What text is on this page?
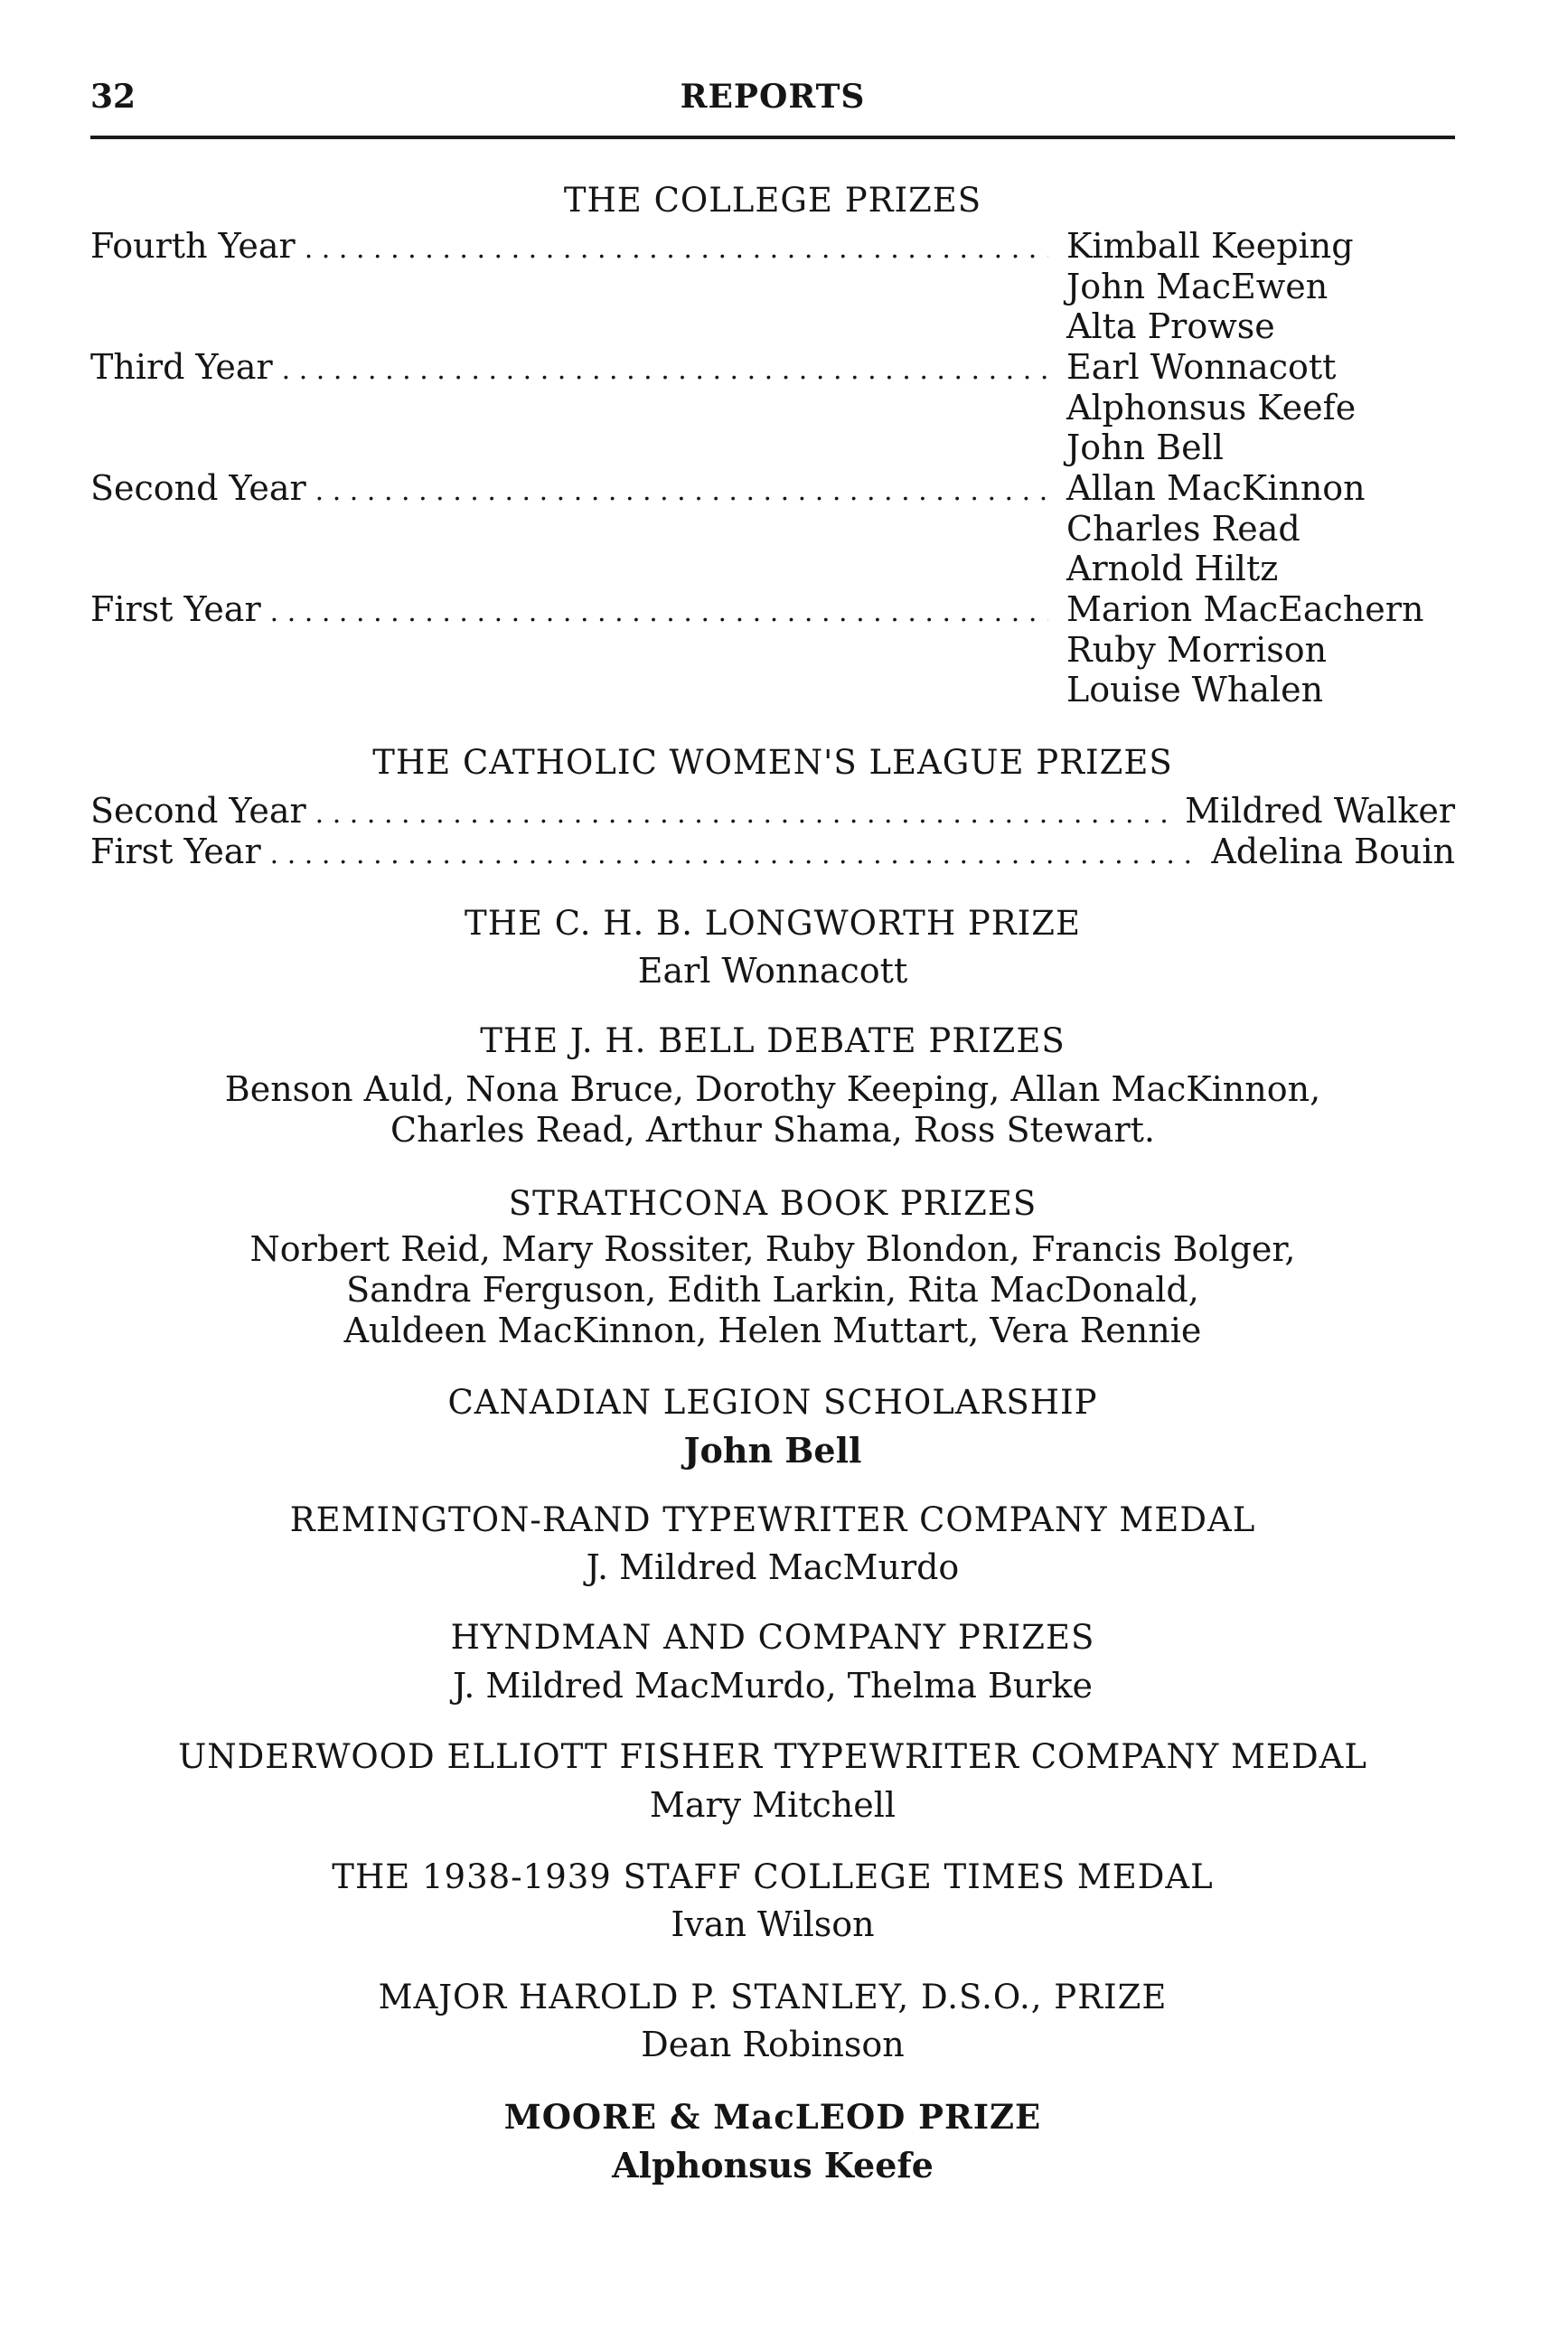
32	REPORTS
THE COLLEGE PRIZES
Fourth Year . . .	Kimball Keeping
John MacEwen
Alta Prowse
Third Year . . .	Earl Wonnacott
Alphonsus Keefe
John Bell
Second Year . . .	Allan MacKinnon
Charles Read
Arnold Hiltz
First Year . . .	Marion MacEachern
Ruby Morrison
Louise Whalen
THE CATHOLIC WOMEN'S LEAGUE PRIZES
Second Year . . .	Mildred Walker
First Year . . .	Adelina Bouin
THE C. H. B. LONGWORTH PRIZE
Earl Wonnacott
THE J. H. BELL DEBATE PRIZES
Benson Auld, Nona Bruce, Dorothy Keeping, Allan MacKinnon,
Charles Read, Arthur Shama, Ross Stewart.
STRATHCONA BOOK PRIZES
Norbert Reid, Mary Rossiter, Ruby Blondon, Francis Bolger,
Sandra Ferguson, Edith Larkin, Rita MacDonald,
Auldeen MacKinnon, Helen Muttart, Vera Rennie
CANADIAN LEGION SCHOLARSHIP
John Bell
REMINGTON-RAND TYPEWRITER COMPANY MEDAL
J. Mildred MacMurdo
HYNDMAN AND COMPANY PRIZES
J. Mildred MacMurdo, Thelma Burke
UNDERWOOD ELLIOTT FISHER TYPEWRITER COMPANY MEDAL
Mary Mitchell
THE 1938-1939 STAFF COLLEGE TIMES MEDAL
Ivan Wilson
MAJOR HAROLD P. STANLEY, D.S.O., PRIZE
Dean Robinson
MOORE & MacLEOD PRIZE
Alphonsus Keefe
